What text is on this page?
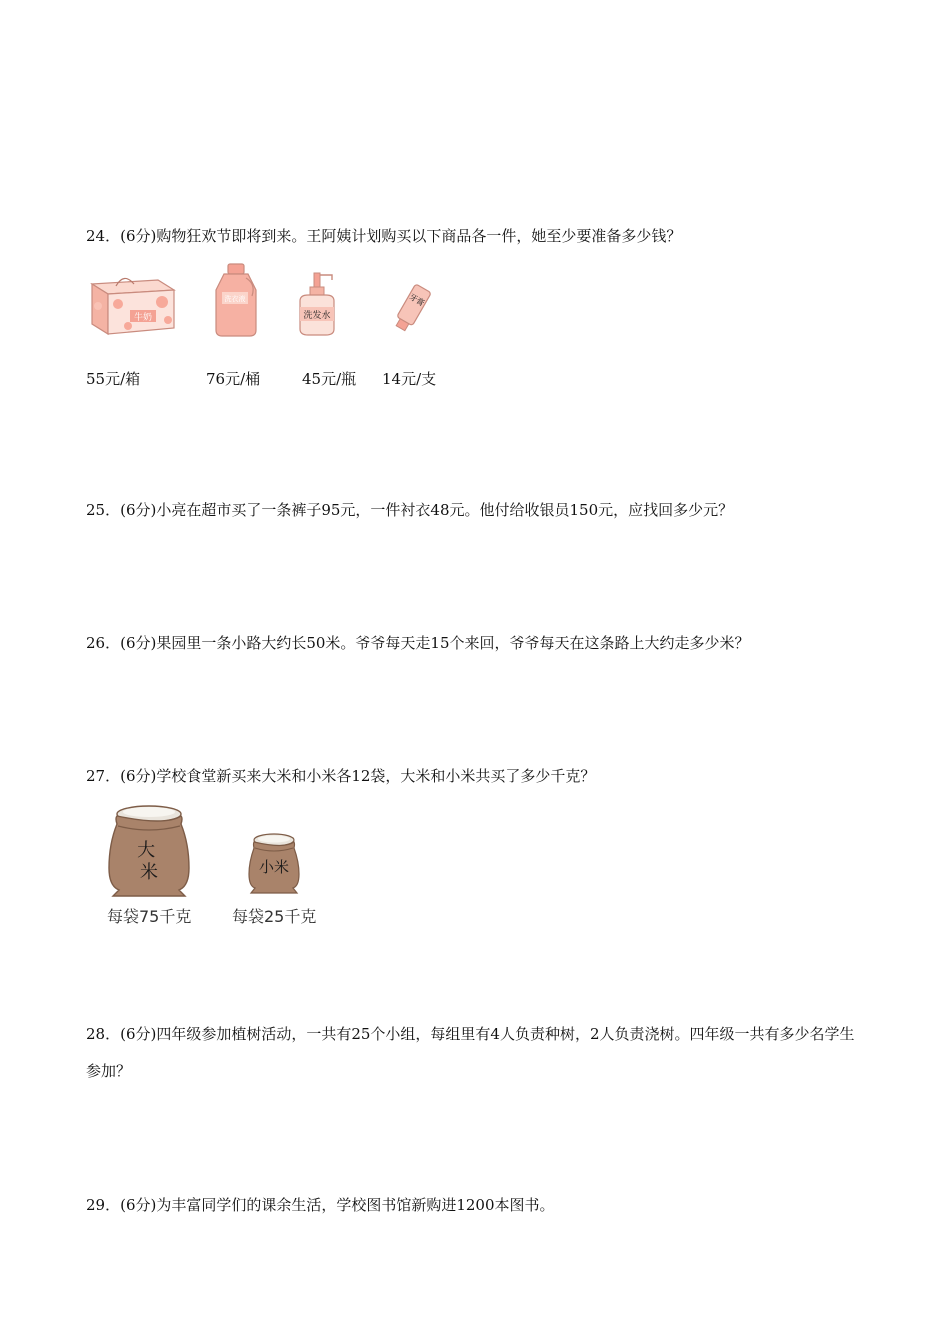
24．(6分)购物狂欢节即将到来。王阿姨计划购买以下商品各一件，她至少要准备多少钱？
牛奶
洗衣液
洗发水
牙膏
55元/箱	76元/桶	45元/瓶 14元/支
25．(6分)小亮在超市买了一条裤子95元，一件衬衣48元。他付给收银员150元，应找回多少元？
26．(6分)果园里一条小路大约长50米。爷爷每天走15个来回，爷爷每天在这条路上大约走多少米？
27．(6分)学校食堂新买来大米和小米各12袋，大米和小米共买了多少千克？
大 米
每袋75千克
小米
每袋25千克
28．(6分)四年级参加植树活动，一共有25个小组，每组里有4人负责种树，2人负责浇树。四年级一共有多少名学生参加？
29．(6分)为丰富同学们的课余生活，学校图书馆新购进1200本图书。
